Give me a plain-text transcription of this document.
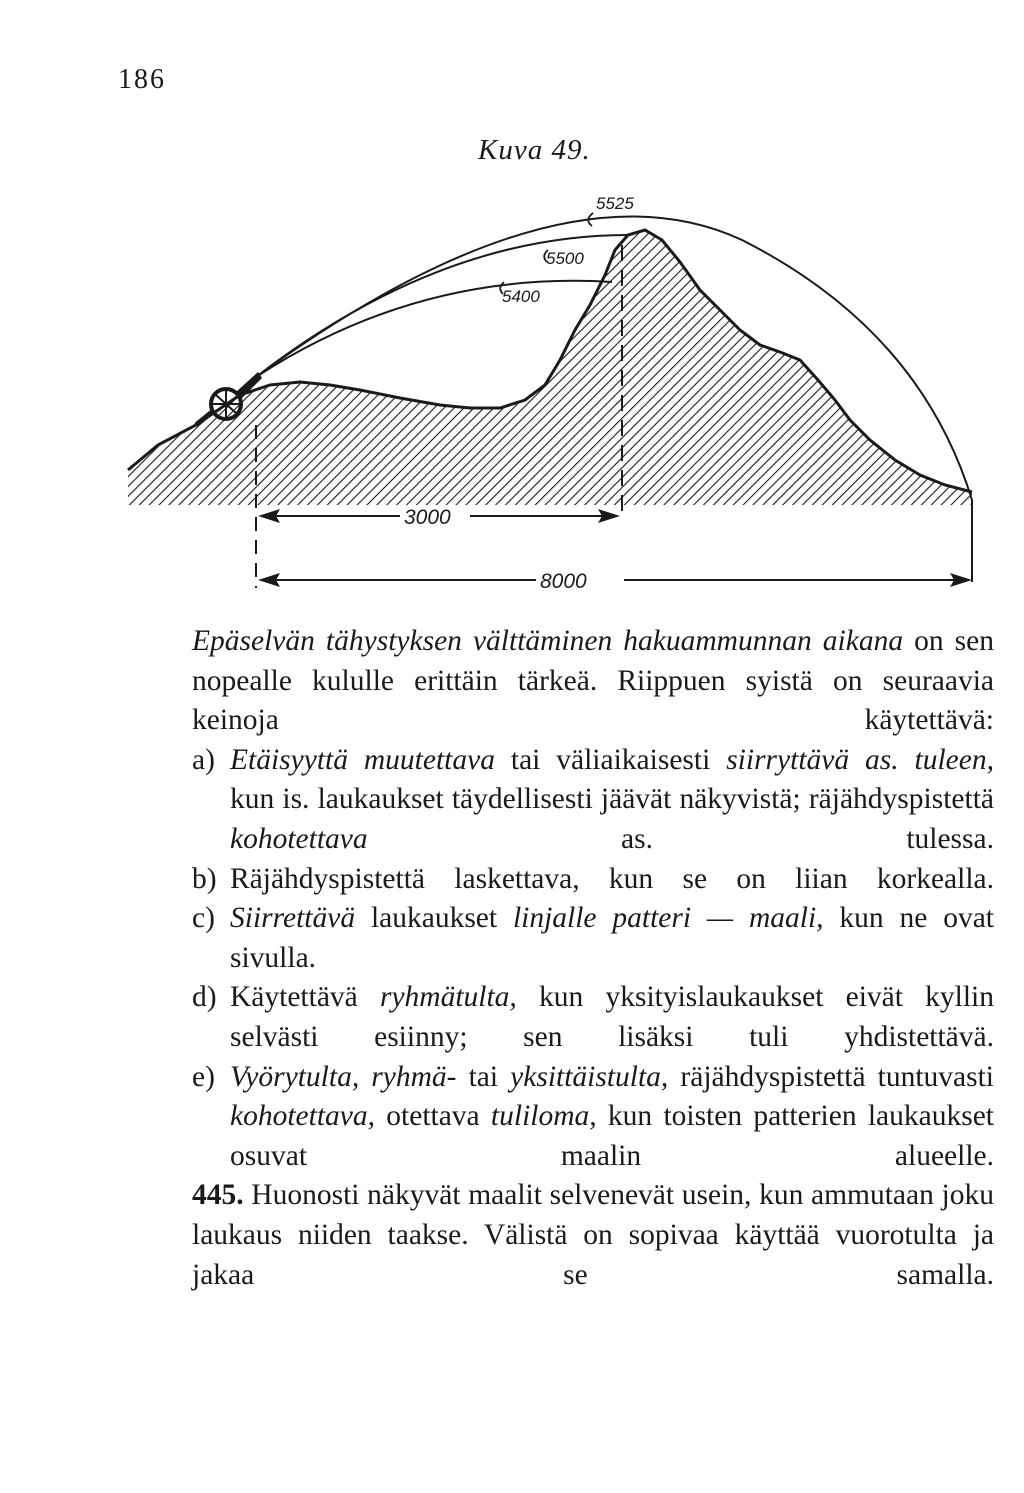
186
Kuva 49.
5525
5500
5400
3000
8000

Epäselvän tähystyksen välttäminen hakuammunnan aikana on sen nopealle kululle erittäin tärkeä. Riippuen syistä on seuraavia keinoja käytettävä:

a) Etäisyyttä muutettava tai väliaikaisesti siirryttävä as. tuleen, kun is. laukaukset täydellisesti jäävät näkyvistä; räjähdyspistettä kohotettava as. tulessa.

b) Räjähdyspistettä laskettava, kun se on liian korkealla.

c) Siirrettävä laukaukset linjalle patteri — maali, kun ne ovat sivulla.

d) Käytettävä ryhmätulta, kun yksityislaukaukset eivät kyllin selvästi esiinny; sen lisäksi tuli yhdistettävä.

e) Vyörytulta, ryhmä- tai yksittäistulta, räjähdyspistettä tuntuvasti kohotettava, otettava tuliloma, kun toisten patterien laukaukset osuvat maalin alueelle.

445. Huonosti näkyvät maalit selvenevät usein, kun ammutaan joku laukaus niiden taakse. Välistä on sopivaa käyttää vuorotulta ja jakaa se samalla.
